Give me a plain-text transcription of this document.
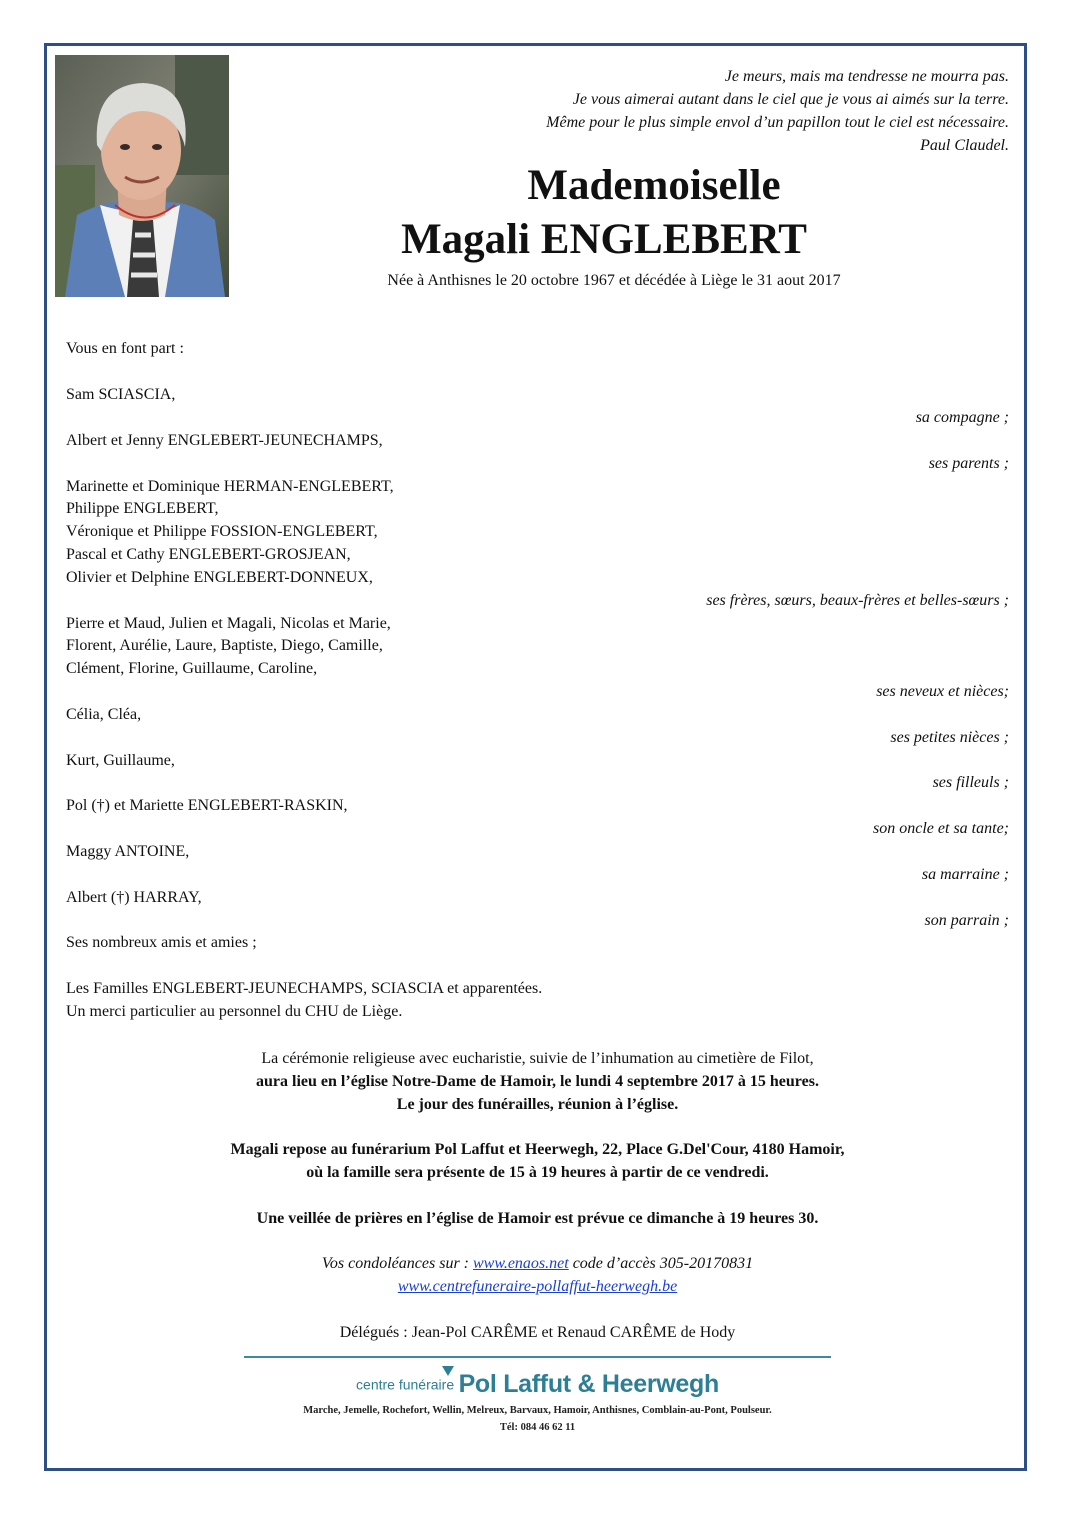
Je meurs, mais ma tendresse ne mourra pas.
Je vous aimerai autant dans le ciel que je vous ai aimés sur la terre.
Même pour le plus simple envol d’un papillon tout le ciel est nécessaire.
Paul Claudel.
Mademoiselle
Magali ENGLEBERT
Née à Anthisnes le 20 octobre 1967 et décédée à Liège le 31 aout 2017
Vous en font part :
Sam SCIASCIA,
sa compagne ;
Albert et Jenny ENGLEBERT-JEUNECHAMPS,
ses parents ;
Marinette et Dominique HERMAN-ENGLEBERT,
Philippe ENGLEBERT,
Véronique et Philippe FOSSION-ENGLEBERT,
Pascal et Cathy ENGLEBERT-GROSJEAN,
Olivier et Delphine ENGLEBERT-DONNEUX,
ses frères, sœurs, beaux-frères et belles-sœurs ;
Pierre et Maud, Julien et Magali, Nicolas et Marie,
Florent, Aurélie, Laure, Baptiste, Diego, Camille,
Clément, Florine, Guillaume, Caroline,
ses neveux et nièces;
Célia, Cléa,
ses petites nièces ;
Kurt, Guillaume,
ses filleuls ;
Pol (†) et Mariette ENGLEBERT-RASKIN,
son oncle et sa tante;
Maggy ANTOINE,
sa marraine ;
Albert (†) HARRAY,
son parrain ;
Ses nombreux amis et amies ;
Les Familles ENGLEBERT-JEUNECHAMPS, SCIASCIA et apparentées.
Un merci particulier au personnel du CHU de Liège.
La cérémonie religieuse avec eucharistie, suivie de l’inhumation au cimetière de Filot,
aura lieu en l’église Notre-Dame de Hamoir, le lundi 4 septembre 2017 à 15 heures.
Le jour des funérailles, réunion à l’église.
Magali repose au funérarium Pol Laffut et Heerwegh, 22, Place G.Del'Cour, 4180 Hamoir,
où la famille sera présente de 15 à 19 heures à partir de ce vendredi.
Une veillée de prières en l’église de Hamoir est prévue ce dimanche à 19 heures 30.
Vos condoléances sur : www.enaos.net code d’accès 305-20170831
www.centrefuneraire-pollaffut-heerwegh.be
Délégués : Jean-Pol CARÊME et Renaud CARÊME de Hody
centre funéraire Pol Laffut & Heerwegh
Marche, Jemelle, Rochefort, Wellin, Melreux, Barvaux, Hamoir, Anthisnes, Comblain-au-Pont, Poulseur.
Tél: 084 46 62 11
